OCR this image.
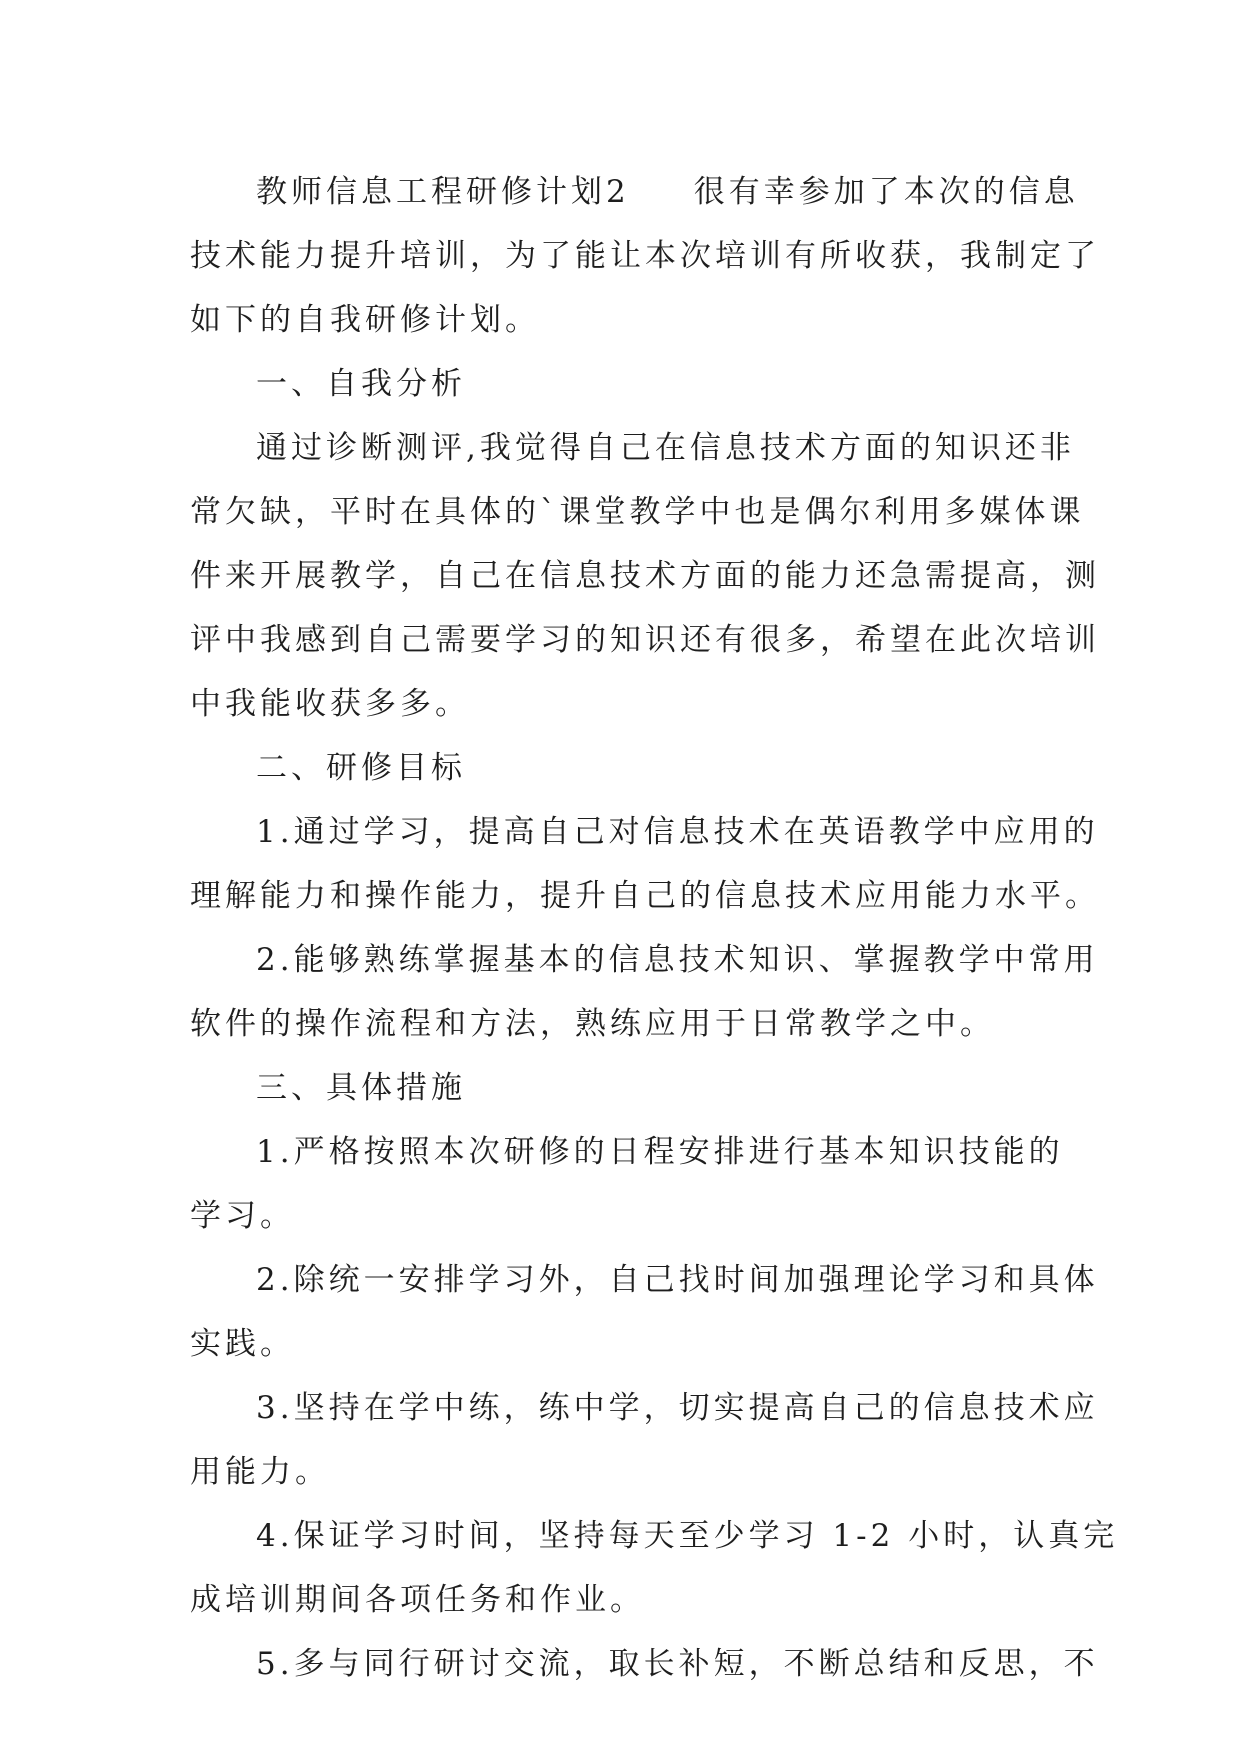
教师信息工程研修计划2 很有幸参加了本次的信息
技术能力提升培训，为了能让本次培训有所收获，我制定了
如下的自我研修计划。
一、自我分析
通过诊断测评,我觉得自己在信息技术方面的知识还非
常欠缺，平时在具体的`课堂教学中也是偶尔利用多媒体课
件来开展教学，自己在信息技术方面的能力还急需提高，测
评中我感到自己需要学习的知识还有很多，希望在此次培训
中我能收获多多。
二、研修目标
1.通过学习，提高自己对信息技术在英语教学中应用的
理解能力和操作能力，提升自己的信息技术应用能力水平。
2.能够熟练掌握基本的信息技术知识、掌握教学中常用
软件的操作流程和方法，熟练应用于日常教学之中。
三、具体措施
1.严格按照本次研修的日程安排进行基本知识技能的
学习。
2.除统一安排学习外，自己找时间加强理论学习和具体
实践。
3.坚持在学中练，练中学，切实提高自己的信息技术应
用能力。
4.保证学习时间，坚持每天至少学习 1-2 小时，认真完
成培训期间各项任务和作业。
5.多与同行研讨交流，取长补短，不断总结和反思，不
